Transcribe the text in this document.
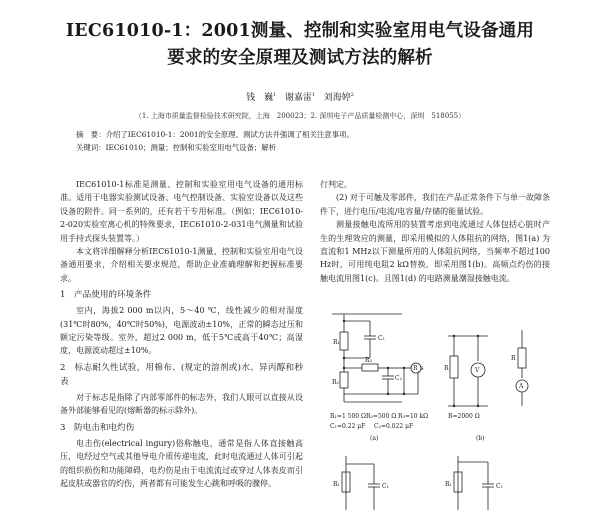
IEC61010-1：2001测量、控制和实验室用电气设备通用
要求的安全原理及测试方法的解析
钱　巍$^1$ 谢嘉雷$^1$ 刘海婷$^2$
（1. 上海市质量监督检验技术研究院，上海　200023；2. 深圳电子产品质量检测中心，深圳　518055）

摘　要：介绍了IEC61010-1：2001的安全原理、测试方法并强调了相关注意事项。

关键词：IEC61010；测量；控制和实验室用电气设备；解析

IEC61010-1标准是测量、控制和实验室用电气设备的通用标准。适用于电器实验测试设备、电气控制设备、实验室设备以及这些设备的附件。同一系列的，还有若干专用标准。（例如：IEC61010-2-020实验室离心机的特殊要求，IEC61010-2-031电气测量和试验用手持式探头装置等。）

本文将详细解释分析IEC61010-1测量、控制和实验室用电气设备通用要求，介绍相关要求规范，帮助企业准确理解和把握标准要求。

1　产品使用的环境条件

室内，海拔2 000 m以内，5～40 ℃，线性减少的相对湿度(31℃时80%，40℃时50%)，电源波动±10%，正常的瞬态过压和额定污染等级。室外，超过2 000 m，低于5℃或高于40℃；高湿度，电源波动超过±10%。

2　标志耐久性试验，用棉布、(规定的溶剂或)水、异丙醇和秒表

对于标志是指除了内部零部件的标志外，我们人眼可以直接从设备外部能够看见的(熔断器的标示除外)。

3　防电击和电灼伤

电击伤(electrical ingury)俗称触电，通常是指人体直接触高压，电经过空气或其他导电介质传递电流，此时电流通过人体可引起的组织损伤和功能障碍，电灼伤是由于电流流过或穿过人体表皮而引起皮肤或器官的灼伤，两者都有可能发生心跳和呼吸的骤停。

行判定。

(2) 对于可触及零部件，我们在产品正常条件下与单一故障条件下，进行电压/电流/电容量/存储的能量试验。

测量接触电流所用的装置考虑到电流通过人体包括心脏时产生的生理效应的测量，即采用模拟的人体阻抗的网络，图1(a) 为直流和1 MHz以下测量所用的人体阻抗网络，当频率不超过100 Hz时，可用纯电阻2 kΩ替换，即采用图1(b)。高频点灼伤的接触电流用图1(c)。且图1(d) 的电路测量潮湿接触电流。

R₁
C₁
R₂
R₃
C₂
R_s	R	V
R
A
R₁=1 500 Ω R₂=500 Ω R₃=10 kΩ
C₁=0.22 μF C₂=0.022 μF
R=2000 Ω
(a)	(b)
R₁	C₁	R₁	C₁
